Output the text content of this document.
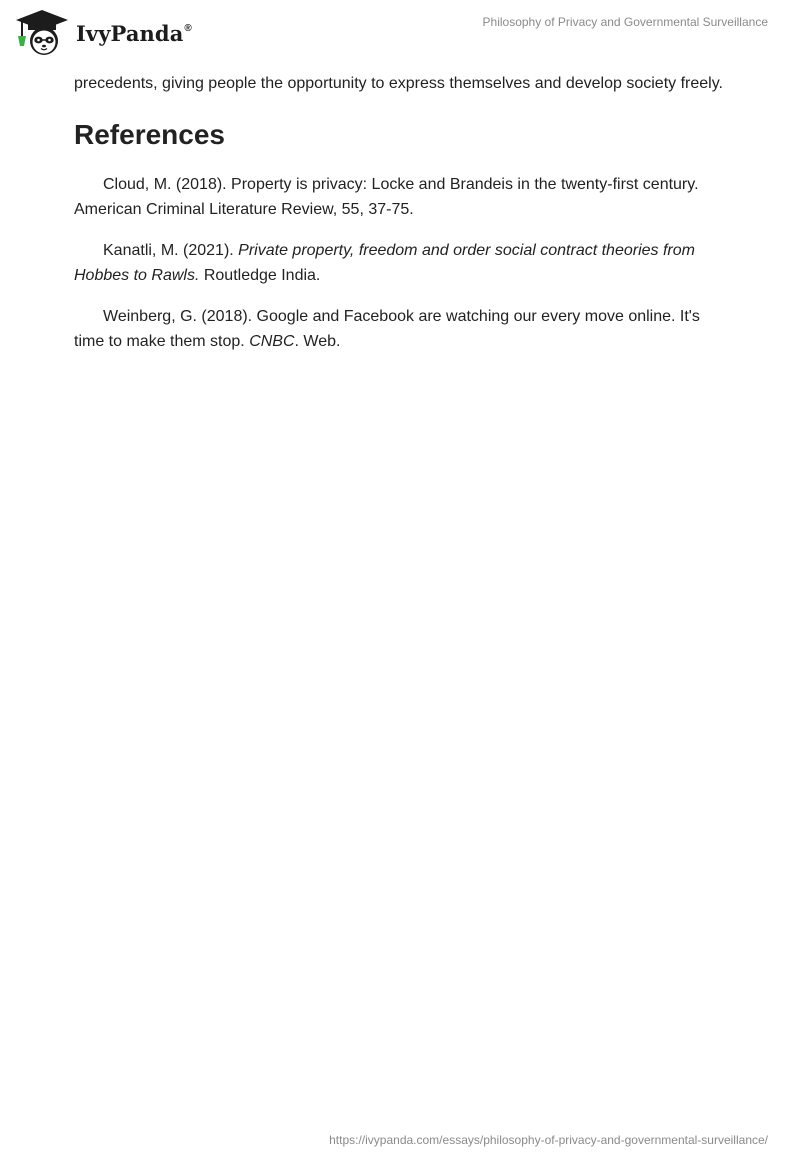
IvyPanda®	Philosophy of Privacy and Governmental Surveillance

precedents, giving people the opportunity to express themselves and develop society freely.

References

Cloud, M. (2018). Property is privacy: Locke and Brandeis in the twenty-first century. American Criminal Literature Review, 55, 37-75.

Kanatli, M. (2021). Private property, freedom and order social contract theories from Hobbes to Rawls. Routledge India.

Weinberg, G. (2018). Google and Facebook are watching our every move online. It's time to make them stop. CNBC. Web.

https://ivypanda.com/essays/philosophy-of-privacy-and-governmental-surveillance/
